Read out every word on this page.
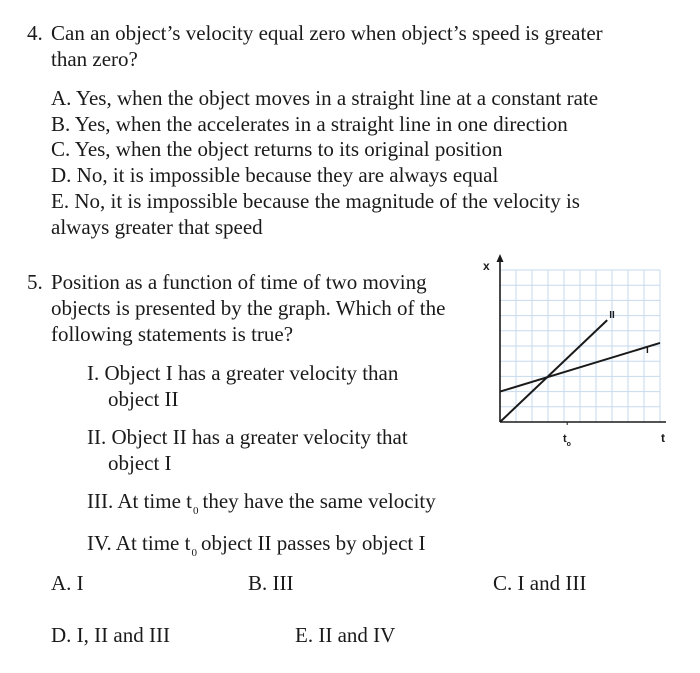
4. Can an object’s velocity equal zero when object’s speed is greater
than zero?
A. Yes, when the object moves in a straight line at a constant rate
B. Yes, when the accelerates in a straight line in one direction
C. Yes, when the object returns to its original position
D. No, it is impossible because they are always equal
E. No, it is impossible because the magnitude of the velocity is
always greater that speed
5. Position as a function of time of two moving
objects is presented by the graph. Which of the
following statements is true?
I. Object I has a greater velocity than
object II
II. Object II has a greater velocity that
object I
III. At time $t_0$ they have the same velocity
IV. At time $t_0$ object II passes by object I
A. I	B. III	C. I and III
D. I, II and III	E. II and IV
x
t
$t_o$
II
I
